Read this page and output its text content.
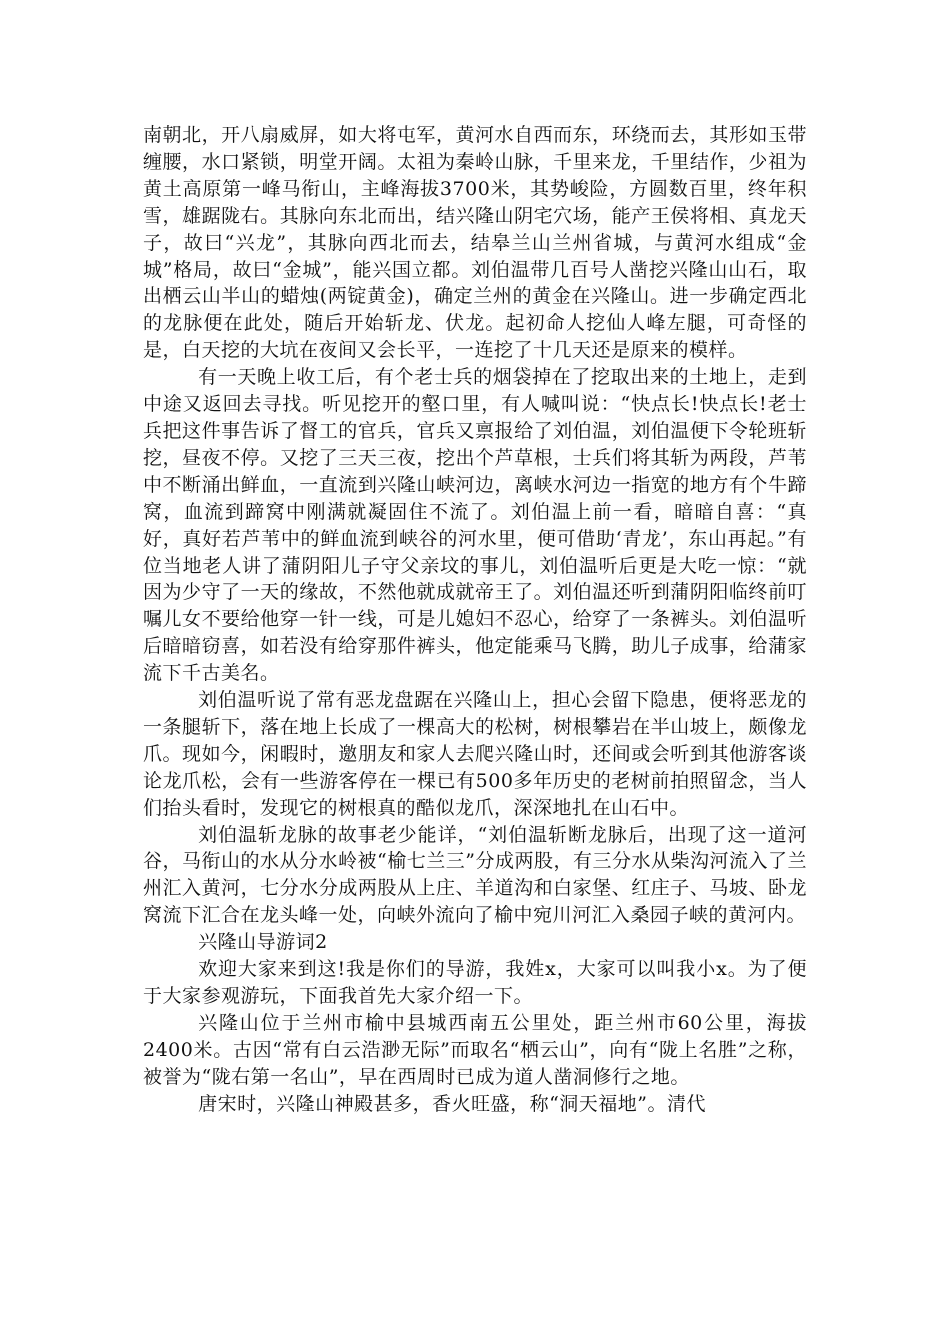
南朝北，开八扇威屏，如大将屯军，黄河水自西而东，环绕而去，其形如玉带缠腰，水口紧锁，明堂开阔。太祖为秦岭山脉，千里来龙，千里结作，少祖为黄土高原第一峰马衔山，主峰海拔3700米，其势峻险，方圆数百里，终年积雪，雄踞陇右。其脉向东北而出，结兴隆山阴宅穴场，能产王侯将相、真龙天子，故曰“兴龙”，其脉向西北而去，结皋兰山兰州省城，与黄河水组成“金城”格局，故曰“金城”，能兴国立都。刘伯温带几百号人凿挖兴隆山山石，取出栖云山半山的蜡烛(两锭黄金)，确定兰州的黄金在兴隆山。进一步确定西北的龙脉便在此处，随后开始斩龙、伏龙。起初命人挖仙人峰左腿，可奇怪的是，白天挖的大坑在夜间又会长平，一连挖了十几天还是原来的模样。

有一天晚上收工后，有个老士兵的烟袋掉在了挖取出来的土地上，走到中途又返回去寻找。听见挖开的壑口里，有人喊叫说：“快点长!快点长!老士兵把这件事告诉了督工的官兵，官兵又禀报给了刘伯温，刘伯温便下令轮班斩挖，昼夜不停。又挖了三天三夜，挖出个芦草根，士兵们将其斩为两段，芦苇中不断涌出鲜血，一直流到兴隆山峡河边，离峡水河边一指宽的地方有个牛蹄窝，血流到蹄窝中刚满就凝固住不流了。刘伯温上前一看，暗暗自喜：“真好，真好若芦苇中的鲜血流到峡谷的河水里，便可借助‘青龙’，东山再起。”有位当地老人讲了蒲阴阳儿子守父亲坟的事儿，刘伯温听后更是大吃一惊：“就因为少守了一天的缘故，不然他就成就帝王了。刘伯温还听到蒲阴阳临终前叮嘱儿女不要给他穿一针一线，可是儿媳妇不忍心，给穿了一条裤头。刘伯温听后暗暗窃喜，如若没有给穿那件裤头，他定能乘马飞腾，助儿子成事，给蒲家流下千古美名。

刘伯温听说了常有恶龙盘踞在兴隆山上，担心会留下隐患，便将恶龙的一条腿斩下，落在地上长成了一棵高大的松树，树根攀岩在半山坡上，颇像龙爪。现如今，闲暇时，邀朋友和家人去爬兴隆山时，还间或会听到其他游客谈论龙爪松，会有一些游客停在一棵已有500多年历史的老树前拍照留念，当人们抬头看时，发现它的树根真的酷似龙爪，深深地扎在山石中。

刘伯温斩龙脉的故事老少能详，“刘伯温斩断龙脉后，出现了这一道河谷，马衔山的水从分水岭被“榆七兰三”分成两股，有三分水从柴沟河流入了兰州汇入黄河，七分水分成两股从上庄、羊道沟和白家堡、红庄子、马坡、卧龙窝流下汇合在龙头峰一处，向峡外流向了榆中宛川河汇入桑园子峡的黄河内。

兴隆山导游词2

欢迎大家来到这!我是你们的导游，我姓x，大家可以叫我小x。为了便于大家参观游玩，下面我首先大家介绍一下。

兴隆山位于兰州市榆中县城西南五公里处，距兰州市60公里，海拔2400米。古因“常有白云浩渺无际”而取名“栖云山”，向有“陇上名胜”之称，被誉为“陇右第一名山”，早在西周时已成为道人凿洞修行之地。

唐宋时，兴隆山神殿甚多，香火旺盛，称“洞天福地”。清代
